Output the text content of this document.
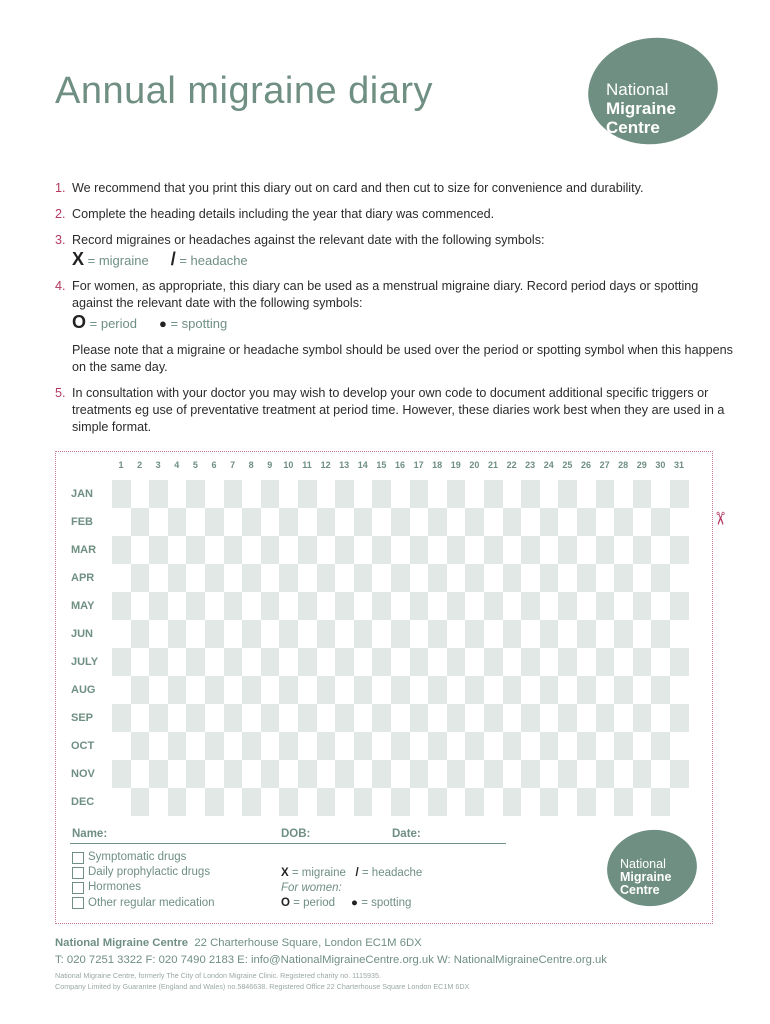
Annual migraine diary	National
Migraine
Centre
1. We recommend that you print this diary out on card and then cut to size for convenience and durability.
2. Complete the heading details including the year that diary was commenced.
3. Record migraines or headaches against the relevant date with the following symbols:
X = migraine / = headache
4. For women, as appropriate, this diary can be used as a menstrual migraine diary. Record period days or spotting against the relevant date with the following symbols:
O = period ● = spotting
Please note that a migraine or headache symbol should be used over the period or spotting symbol when this happens on the same day.
5. In consultation with your doctor you may wish to develop your own code to document additional specific triggers or treatments eg use of preventative treatment at period time. However, these diaries work best when they are used in a simple format.
✂
1	2	3	4	5	6	7	8	9	10 11 12 13 14 15 16 17 18 19 20 21 22 23 24 25 26 27 28 29 30 31
JAN
FEB
MAR
APR
MAY
JUN
JULY
AUG
SEP
OCT
NOV
DEC
Name:	DOB:	Date:
Symptomatic drugs
Daily prophylactic drugs
Hormones
Other regular medication
X = migraine / = headache
For women:
O = period ● = spotting
National
Migraine
Centre
National Migraine Centre 22 Charterhouse Square, London EC1M 6DX
T: 020 7251 3322 F: 020 7490 2183 E: info@NationalMigraineCentre.org.uk W: NationalMigraineCentre.org.uk
National Migraine Centre, formerly The City of London Migraine Clinic. Registered charity no. 1115935.
Company Limited by Guarantee (England and Wales) no.5846638. Registered Office 22 Charterhouse Square London EC1M 6DX
